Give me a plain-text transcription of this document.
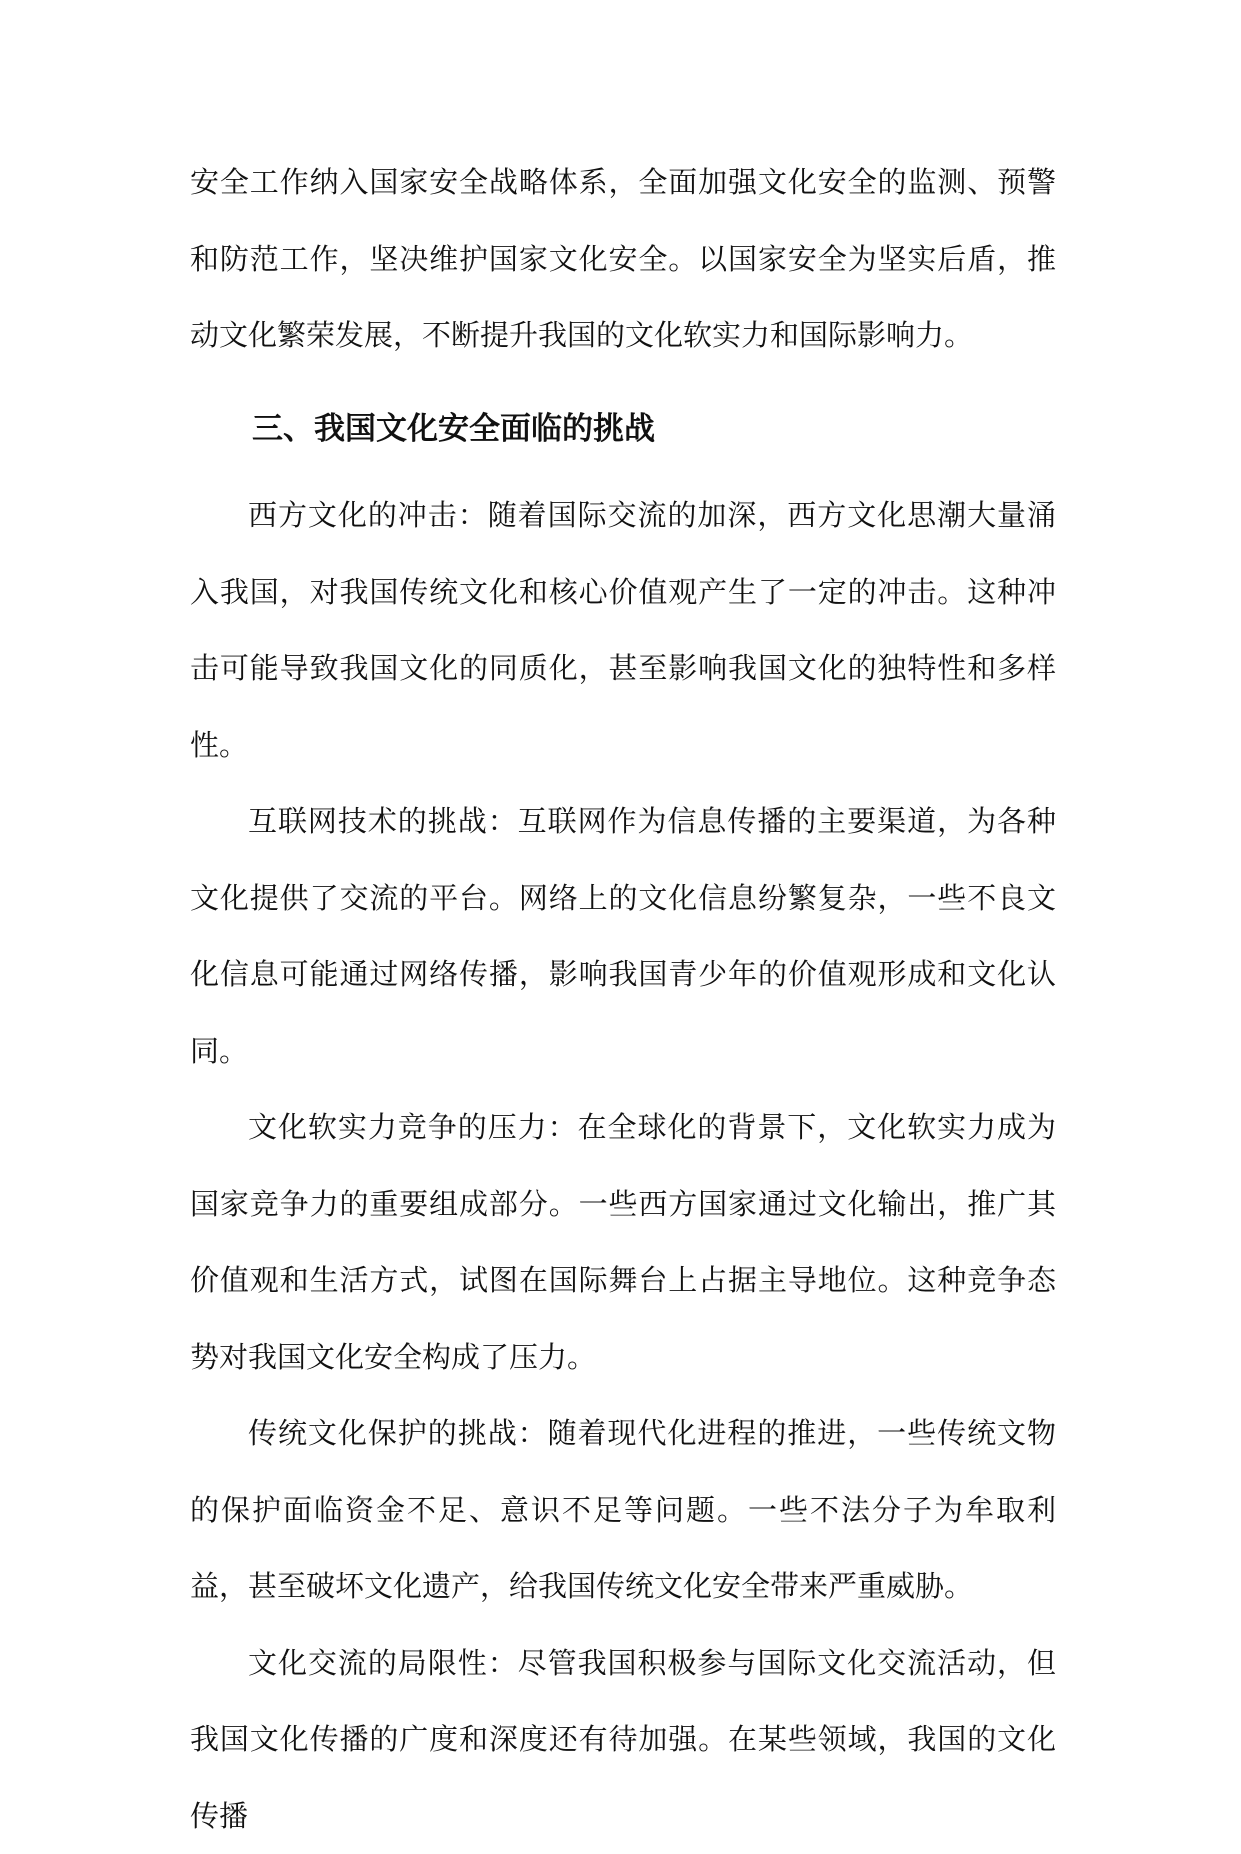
安全工作纳入国家安全战略体系，全面加强文化安全的监测、预警和防范工作，坚决维护国家文化安全。以国家安全为坚实后盾，推动文化繁荣发展，不断提升我国的文化软实力和国际影响力。

三、我国文化安全面临的挑战

西方文化的冲击：随着国际交流的加深，西方文化思潮大量涌入我国，对我国传统文化和核心价值观产生了一定的冲击。这种冲击可能导致我国文化的同质化，甚至影响我国文化的独特性和多样性。

互联网技术的挑战：互联网作为信息传播的主要渠道，为各种文化提供了交流的平台。网络上的文化信息纷繁复杂，一些不良文化信息可能通过网络传播，影响我国青少年的价值观形成和文化认同。

文化软实力竞争的压力：在全球化的背景下，文化软实力成为国家竞争力的重要组成部分。一些西方国家通过文化输出，推广其价值观和生活方式，试图在国际舞台上占据主导地位。这种竞争态势对我国文化安全构成了压力。

传统文化保护的挑战：随着现代化进程的推进，一些传统文物的保护面临资金不足、意识不足等问题。一些不法分子为牟取利益，甚至破坏文化遗产，给我国传统文化安全带来严重威胁。

文化交流的局限性：尽管我国积极参与国际文化交流活动，但我国文化传播的广度和深度还有待加强。在某些领域，我国的文化传播
